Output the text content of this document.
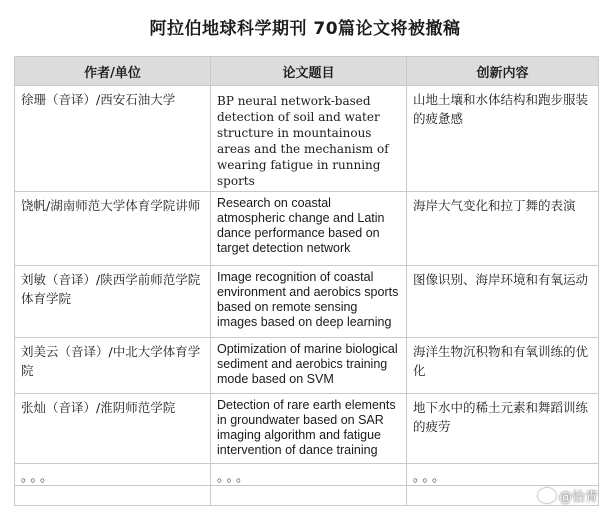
阿拉伯地球科学期刊 70篇论文将被撤稿
作者/单位	论文题目	创新内容
徐珊（音译）/西安石油大学	BP neural network-based detection of soil and water structure in mountainous areas and the mechanism of wearing fatigue in running sports	山地土壤和水体结构和跑步服装的疲惫感
饶帆/湖南师范大学体育学院讲师	Research on coastal atmospheric change and Latin dance performance based on target detection network	海岸大气变化和拉丁舞的表演
刘敏（音译）/陕西学前师范学院体育学院	Image recognition of coastal environment and aerobics sports based on remote sensing images based on deep learning	图像识别、海岸环境和有氧运动
刘美云（音译）/中北大学体育学院	Optimization of marine biological sediment and aerobics training mode based on SVM	海洋生物沉积物和有氧训练的优化
张灿（音译）/淮阴师范学院	Detection of rare earth elements in groundwater based on SAR imaging algorithm and fatigue intervention of dance training	地下水中的稀土元素和舞蹈训练的疲劳
。。。	。。。	。。。

@怡青
